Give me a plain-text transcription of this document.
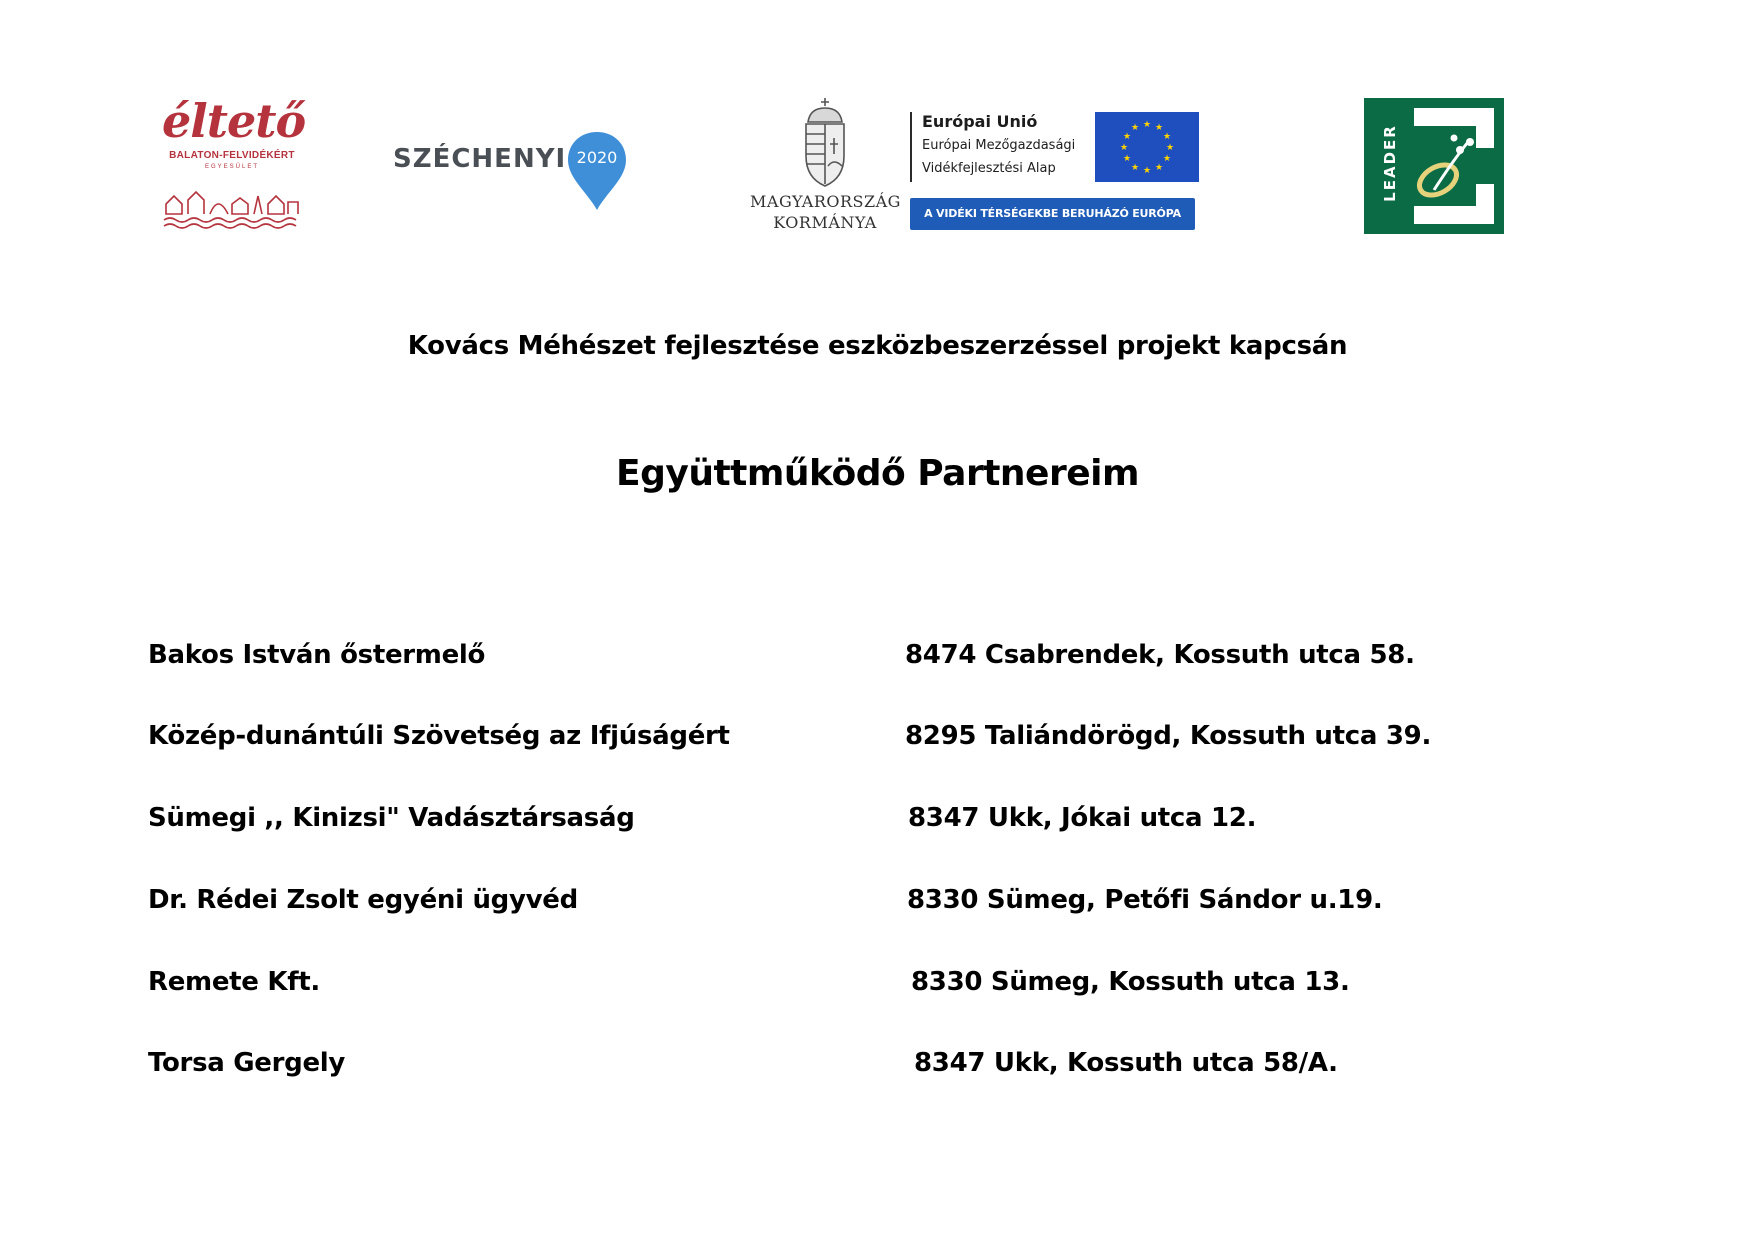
éltető
BALATON-FELVIDÉKÉRT
EGYESÜLET	SZÉCHENYI 2020
MAGYARORSZÁG
KORMÁNYA
Európai Unió
Európai Mezőgazdasági
Vidékfejlesztési Alap
★ ★
★
★
★
★
★
★
★
★
★
★
A VIDÉKI TÉRSÉGEKBE BERUHÁZÓ EURÓPA
LEADER
Kovács Méhészet fejlesztése eszközbeszerzéssel projekt kapcsán
Együttműködő Partnereim
Bakos István őstermelő	8474 Csabrendek, Kossuth utca 58.
Közép-dunántúli Szövetség az Ifjúságért	8295 Taliándörögd, Kossuth utca 39.
Sümegi ,, Kinizsi" Vadásztársaság	8347 Ukk, Jókai utca 12.
Dr. Rédei Zsolt egyéni ügyvéd	8330 Sümeg, Petőfi Sándor u.19.
Remete Kft.	8330 Sümeg, Kossuth utca 13.
Torsa Gergely	8347 Ukk, Kossuth utca 58/A.
